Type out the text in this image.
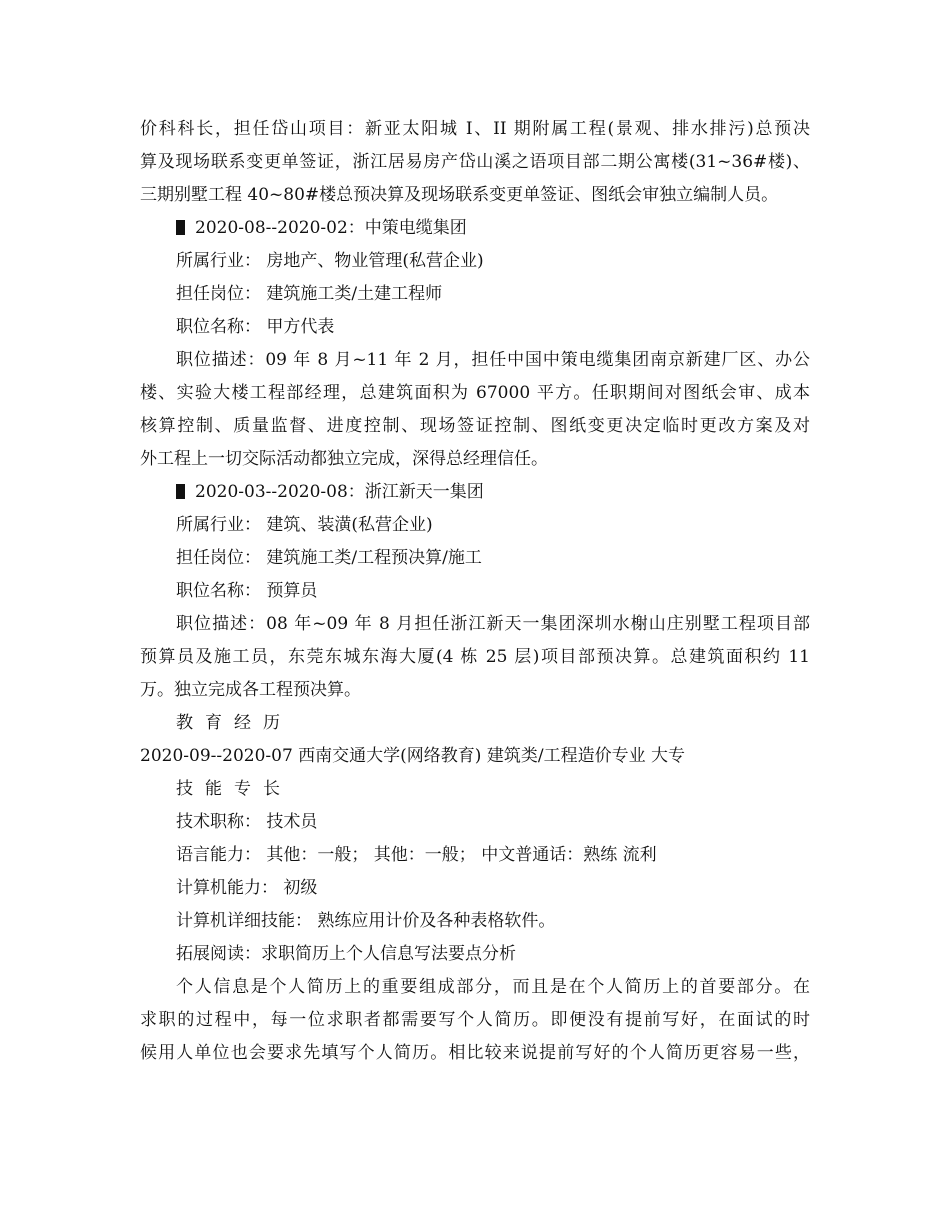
价科科长，担任岱山项目：新亚太阳城 I、II 期附属工程(景观、排水排污)总预决
算及现场联系变更单签证，浙江居易房产岱山溪之语项目部二期公寓楼(31~36#楼)、
三期别墅工程 40~80#楼总预决算及现场联系变更单签证、图纸会审独立编制人员。
2020-08--2020-02：中策电缆集团
所属行业： 房地产、物业管理(私营企业)
担任岗位： 建筑施工类/土建工程师
职位名称： 甲方代表
职位描述：09 年 8 月~11 年 2 月，担任中国中策电缆集团南京新建厂区、办公
楼、实验大楼工程部经理，总建筑面积为 67000 平方。任职期间对图纸会审、成本
核算控制、质量监督、进度控制、现场签证控制、图纸变更决定临时更改方案及对
外工程上一切交际活动都独立完成，深得总经理信任。
2020-03--2020-08：浙江新天一集团
所属行业： 建筑、装潢(私营企业)
担任岗位： 建筑施工类/工程预决算/施工
职位名称： 预算员
职位描述：08 年~09 年 8 月担任浙江新天一集团深圳水榭山庄别墅工程项目部
预算员及施工员，东莞东城东海大厦(4 栋 25 层)项目部预决算。总建筑面积约 11
万。独立完成各工程预决算。
教育经历
2020-09--2020-07 西南交通大学(网络教育) 建筑类/工程造价专业 大专
技能专长
技术职称： 技术员
语言能力： 其他：一般； 其他：一般； 中文普通话：熟练 流利
计算机能力： 初级
计算机详细技能： 熟练应用计价及各种表格软件。
拓展阅读：求职简历上个人信息写法要点分析
个人信息是个人简历上的重要组成部分，而且是在个人简历上的首要部分。在
求职的过程中，每一位求职者都需要写个人简历。即便没有提前写好，在面试的时
候用人单位也会要求先填写个人简历。相比较来说提前写好的个人简历更容易一些，
